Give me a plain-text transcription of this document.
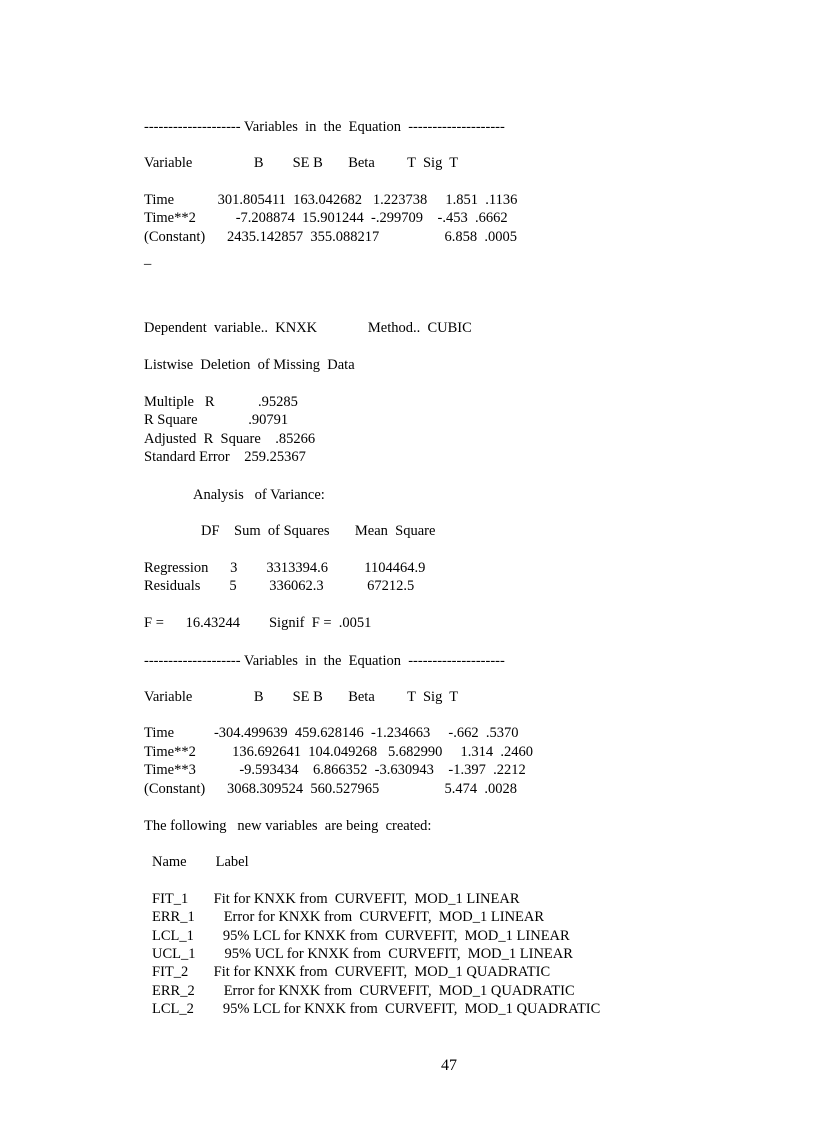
-------------------- Variables  in  the  Equation  --------------------
Variable                 B        SE B       Beta         T  Sig  T
Time            301.805411  163.042682   1.223738     1.851  .1136
Time**2           -7.208874  15.901244  -.299709    -.453  .6662
(Constant)      2435.142857  355.088217                  6.858  .0005
_
Dependent  variable..  KNXK              Method..  CUBIC
Listwise  Deletion  of Missing  Data
Multiple   R            .95285
R Square              .90791
Adjusted  R  Square    .85266
Standard Error    259.25367
Analysis   of Variance:
DF    Sum  of Squares       Mean  Square
Regression      3        3313394.6          1104464.9
Residuals        5         336062.3            67212.5
F =      16.43244        Signif  F =  .0051
-------------------- Variables  in  the  Equation  --------------------
Variable                 B        SE B       Beta         T  Sig  T
Time           -304.499639  459.628146  -1.234663     -.662  .5370
Time**2          136.692641  104.049268   5.682990     1.314  .2460
Time**3            -9.593434    6.866352  -3.630943    -1.397  .2212
(Constant)      3068.309524  560.527965                  5.474  .0028
The following   new variables  are being  created:
Name        Label
FIT_1       Fit for KNXK from  CURVEFIT,  MOD_1 LINEAR
ERR_1        Error for KNXK from  CURVEFIT,  MOD_1 LINEAR
LCL_1        95% LCL for KNXK from  CURVEFIT,  MOD_1 LINEAR
UCL_1        95% UCL for KNXK from  CURVEFIT,  MOD_1 LINEAR
FIT_2       Fit for KNXK from  CURVEFIT,  MOD_1 QUADRATIC
ERR_2        Error for KNXK from  CURVEFIT,  MOD_1 QUADRATIC
LCL_2        95% LCL for KNXK from  CURVEFIT,  MOD_1 QUADRATIC
47
